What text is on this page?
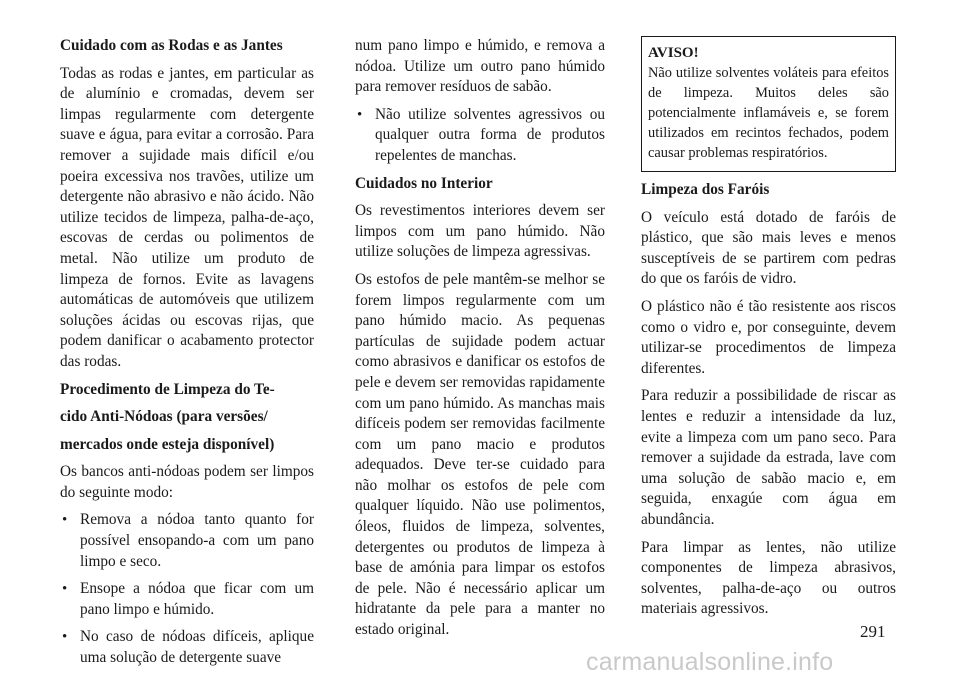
Cuidado com as Rodas e as Jantes

Todas as rodas e jantes, em particular as de alumínio e cromadas, devem ser limpas regularmente com detergente suave e água, para evitar a corrosão. Para remover a sujidade mais difícil e/ou poeira excessiva nos travões, utilize um detergente não abrasivo e não ácido. Não utilize tecidos de limpeza, palha-de-aço, escovas de cerdas ou polimentos de metal. Não utilize um produto de limpeza de fornos. Evite as lavagens automáticas de automóveis que utilizem soluções ácidas ou escovas rijas, que podem danificar o acabamento protector das rodas.

Procedimento de Limpeza do Te-

cido Anti-Nódoas (para versões/

mercados onde esteja disponível)

Os bancos anti-nódoas podem ser limpos do seguinte modo:

• Remova a nódoa tanto quanto for possível ensopando-a com um pano limpo e seco.
• Ensope a nódoa que ficar com um pano limpo e húmido.
• No caso de nódoas difíceis, aplique uma solução de detergente suave

num pano limpo e húmido, e remova a nódoa. Utilize um outro pano húmido para remover resíduos de sabão.

• Não utilize solventes agressivos ou qualquer outra forma de produtos repelentes de manchas.

Cuidados no Interior

Os revestimentos interiores devem ser limpos com um pano húmido. Não utilize soluções de limpeza agressivas.

Os estofos de pele mantêm-se melhor se forem limpos regularmente com um pano húmido macio. As pequenas partículas de sujidade podem actuar como abrasivos e danificar os estofos de pele e devem ser removidas rapidamente com um pano húmido. As manchas mais difíceis podem ser removidas facilmente com um pano macio e produtos adequados. Deve ter-se cuidado para não molhar os estofos de pele com qualquer líquido. Não use polimentos, óleos, fluidos de limpeza, solventes, detergentes ou produtos de limpeza à base de amónia para limpar os estofos de pele. Não é necessário aplicar um hidratante da pele para a manter no estado original.

AVISO!
Não utilize solventes voláteis para efeitos de limpeza. Muitos deles são potencialmente inflamáveis e, se forem utilizados em recintos fechados, podem causar problemas respiratórios.

Limpeza dos Faróis

O veículo está dotado de faróis de plástico, que são mais leves e menos susceptíveis de se partirem com pedras do que os faróis de vidro.

O plástico não é tão resistente aos riscos como o vidro e, por conseguinte, devem utilizar-se procedimentos de limpeza diferentes.

Para reduzir a possibilidade de riscar as lentes e reduzir a intensidade da luz, evite a limpeza com um pano seco. Para remover a sujidade da estrada, lave com uma solução de sabão macio e, em seguida, enxagúe com água em abundância.

Para limpar as lentes, não utilize componentes de limpeza abrasivos, solventes, palha-de-aço ou outros materiais agressivos.

291
carmanualsonline.info
